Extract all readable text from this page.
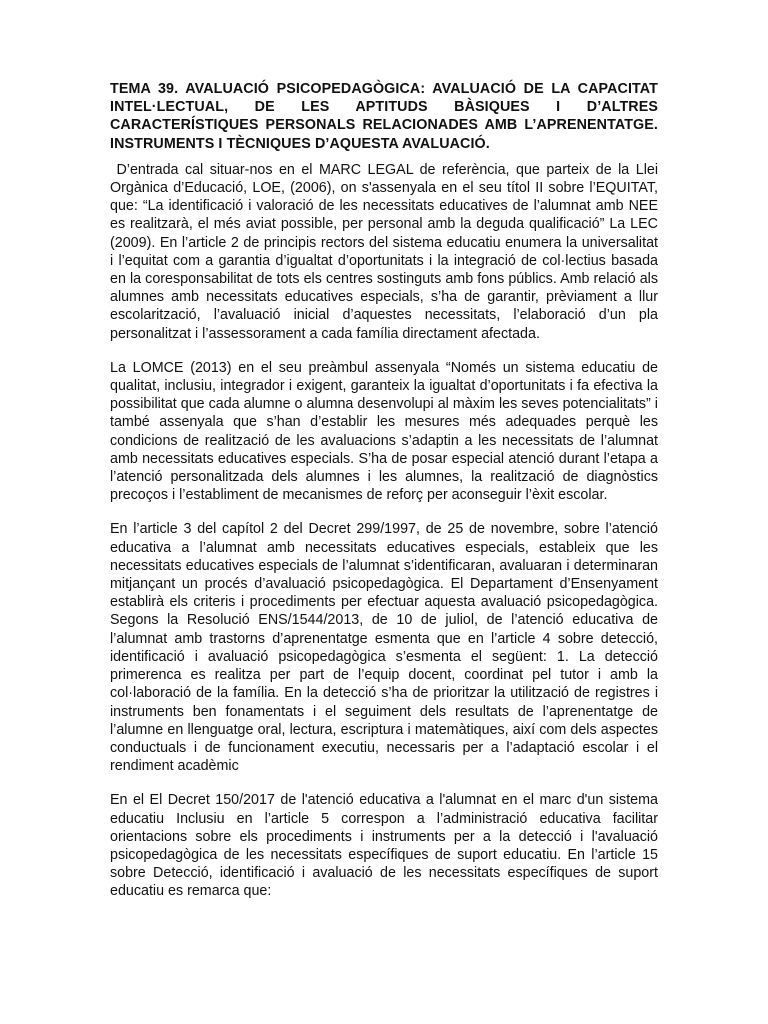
TEMA 39. AVALUACIÓ PSICOPEDAGÒGICA: AVALUACIÓ DE LA CAPACITAT INTEL·LECTUAL, DE LES APTITUDS BÀSIQUES I D’ALTRES CARACTERÍSTIQUES PERSONALS RELACIONADES AMB L’APRENENTATGE. INSTRUMENTS I TÈCNIQUES D’AQUESTA AVALUACIÓ.

D’entrada cal situar-nos en el MARC LEGAL de referència, que parteix de la Llei Orgànica d’Educació, LOE, (2006), on s'assenyala en el seu títol II sobre l’EQUITAT, que: “La identificació i valoració de les necessitats educatives de l’alumnat amb NEE es realitzarà, el més aviat possible, per personal amb la deguda qualificació” La LEC (2009). En l’article 2 de principis rectors del sistema educatiu enumera la universalitat i l’equitat com a garantia d’igualtat d’oportunitats i la integració de col·lectius basada en la coresponsabilitat de tots els centres sostinguts amb fons públics. Amb relació als alumnes amb necessitats educatives especials, s’ha de garantir, prèviament a llur escolarització, l’avaluació inicial d’aquestes necessitats, l’elaboració d’un pla personalitzat i l’assessorament a cada família directament afectada.

La LOMCE (2013) en el seu preàmbul assenyala “Només un sistema educatiu de qualitat, inclusiu, integrador i exigent, garanteix la igualtat d’oportunitats i fa efectiva la possibilitat que cada alumne o alumna desenvolupi al màxim les seves potencialitats” i també assenyala que s’han d’establir les mesures més adequades perquè les condicions de realització de les avaluacions s’adaptin a les necessitats de l’alumnat amb necessitats educatives especials. S’ha de posar especial atenció durant l’etapa a l’atenció personalitzada dels alumnes i les alumnes, la realització de diagnòstics precoços i l’establiment de mecanismes de reforç per aconseguir l’èxit escolar.

En l’article 3 del capítol 2 del Decret 299/1997, de 25 de novembre, sobre l’atenció educativa a l’alumnat amb necessitats educatives especials, estableix que les necessitats educatives especials de l’alumnat s’identificaran, avaluaran i determinaran mitjançant un procés d’avaluació psicopedagògica. El Departament d’Ensenyament establirà els criteris i procediments per efectuar aquesta avaluació psicopedagògica. Segons la Resolució ENS/1544/2013, de 10 de juliol, de l’atenció educativa de l’alumnat amb trastorns d’aprenentatge esmenta que en l’article 4 sobre detecció, identificació i avaluació psicopedagògica s’esmenta el següent: 1. La detecció primerenca es realitza per part de l’equip docent, coordinat pel tutor i amb la col·laboració de la família. En la detecció s’ha de prioritzar la utilització de registres i instruments ben fonamentats i el seguiment dels resultats de l’aprenentatge de l’alumne en llenguatge oral, lectura, escriptura i matemàtiques, així com dels aspectes conductuals i de funcionament executiu, necessaris per a l’adaptació escolar i el rendiment acadèmic

En el El Decret 150/2017 de l'atenció educativa a l'alumnat en el marc d'un sistema educatiu Inclusiu en l’article 5 correspon a l’administració educativa facilitar orientacions sobre els procediments i instruments per a la detecció i l'avaluació psicopedagògica de les necessitats específiques de suport educatiu. En l’article 15 sobre Detecció, identificació i avaluació de les necessitats específiques de suport educatiu es remarca que:
